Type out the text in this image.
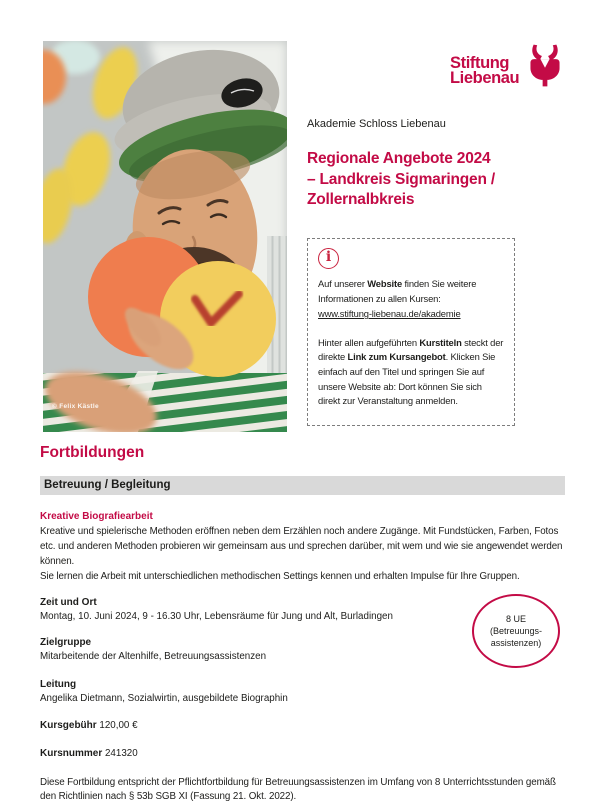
Stiftung
Liebenau
Akademie Schloss Liebenau
Regionale Angebote 2024
– Landkreis Sigmaringen /
Zollernalbkreis
i
Auf unserer Website finden Sie weitere Informationen zu allen Kursen:
www.stiftung-liebenau.de/akademie
Hinter allen aufgeführten Kurstiteln steckt der direkte Link zum Kursangebot. Klicken Sie einfach auf den Titel und springen Sie auf unsere Website ab: Dort können Sie sich direkt zur Veranstaltung anmelden.
© Felix Kästle
Fortbildungen
Betreuung / Begleitung
Kreative Biografiearbeit
Kreative und spielerische Methoden eröffnen neben dem Erzählen noch andere Zugänge. Mit Fundstücken, Farben, Fotos etc. und anderen Methoden probieren wir gemeinsam aus und sprechen darüber, mit wem und wie sie angewendet werden können.
Sie lernen die Arbeit mit unterschiedlichen methodischen Settings kennen und erhalten Impulse für Ihre Gruppen.
Zeit und Ort
Montag, 10. Juni 2024, 9 - 16.30 Uhr, Lebensräume für Jung und Alt, Burladingen
Zielgruppe
Mitarbeitende der Altenhilfe, Betreuungsassistenzen
Leitung
Angelika Dietmann, Sozialwirtin, ausgebildete Biographin
Kursgebühr 120,00 €
Kursnummer 241320
Diese Fortbildung entspricht der Pflichtfortbildung für Betreuungsassistenzen im Umfang von 8 Unterrichtsstunden gemäß den Richtlinien nach § 53b SGB XI (Fassung 21. Okt. 2022).
8 UE
(Betreuungs-
assistenzen)
